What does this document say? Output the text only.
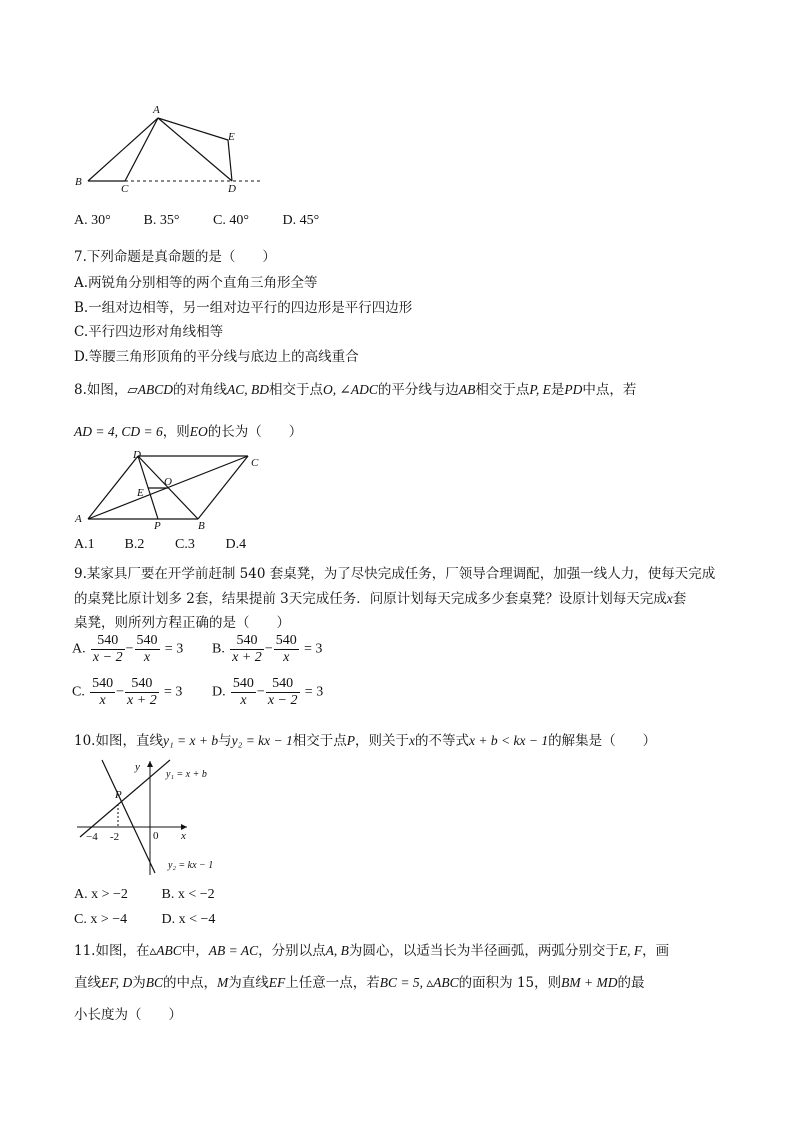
A
B
C	D
E
A. 30° B. 35° C. 40° D. 45°
7.下列命题是真命题的是（　　）
A.两锐角分别相等的两个直角三角形全等
B.一组对边相等，另一组对边平行的四边形是平行四边形
C.平行四边形对角线相等
D.等腰三角形顶角的平分线与底边上的高线重合
8.如图，▱ABCD的对角线AC, BD相交于点O, ∠ADC的平分线与边AB相交于点P, E是PD中点，若
AD = 4, CD = 6，则EO的长为（　　）
D
C
A
B
P
E
O
A.1 B.2 C.3 D.4
9.某家具厂要在开学前赶制 540 套桌凳，为了尽快完成任务，厂领导合理调配，加强一线人力，使每天完成
的桌凳比原计划多 2套，结果提前 3天完成任务．问原计划每天完成多少套桌凳？设原计划每天完成x套
桌凳，则所列方程正确的是（　　）
A. $\frac{540}{x - 2} - \frac{540}{x} = 3$ B. $\frac{540}{x + 2} - \frac{540}{x} = 3$
C. $\frac{540}{x} - \frac{540}{x + 2} = 3$ D. $\frac{540}{x} - \frac{540}{x - 2} = 3$
10.如图，直线y₁ = x + b与y₂ = kx − 1相交于点P，则关于x的不等式x + b < kx − 1的解集是（　　）
y
x
P
0
−4 -2
y₁ = x + b
y₂ = kx − 1
A. x > −2 B. x < −2
C. x > −4 D. x < −4
11.如图，在▵ABC中，AB = AC，分别以点A, B为圆心，以适当长为半径画弧，两弧分别交于E, F，画
直线EF, D为BC的中点，M为直线EF上任意一点，若BC = 5, ▵ABC的面积为 15，则BM + MD的最
小长度为（　　）
